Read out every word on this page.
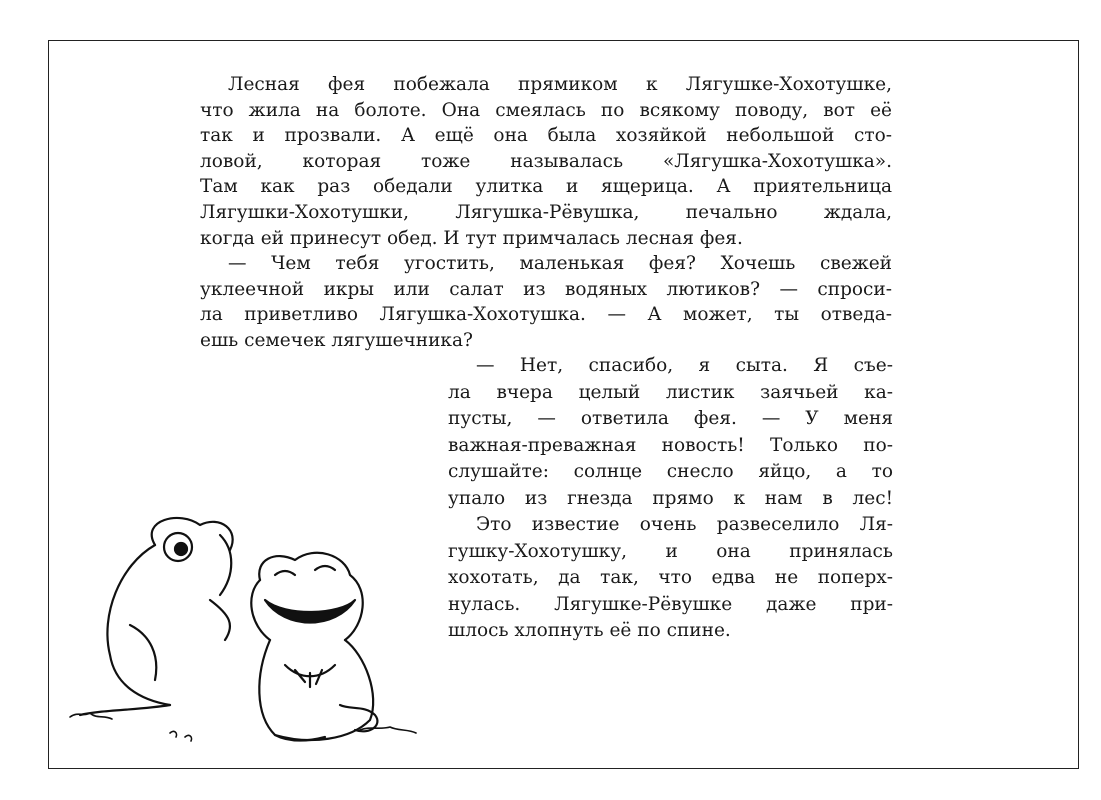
Лесная фея побежала прямиком к Лягушке-Хохотушке,
что жила на болоте. Она смеялась по всякому поводу, вот её
так и прозвали. А ещё она была хозяйкой небольшой сто-
ловой, которая тоже называлась «Лягушка-Хохотушка».
Там как раз обедали улитка и ящерица. А приятельница
Лягушки-Хохотушки, Лягушка-Рёвушка, печально ждала,
когда ей принесут обед. И тут примчалась лесная фея.
— Чем тебя угостить, маленькая фея? Хочешь свежей
уклеечной икры или салат из водяных лютиков? — спроси-
ла приветливо Лягушка-Хохотушка. — А может, ты отведа-
ешь семечек лягушечника?
— Нет, спасибо, я сыта. Я съе-
ла вчера целый листик заячьей ка-
пусты, — ответила фея. — У меня
важная-преважная новость! Только по-
слушайте: солнце снесло яйцо, а то
упало из гнезда прямо к нам в лес!
Это известие очень развеселило Ля-
гушку-Хохотушку, и она принялась
хохотать, да так, что едва не поперх-
нулась. Лягушке-Рёвушке даже при-
шлось хлопнуть её по спине.
